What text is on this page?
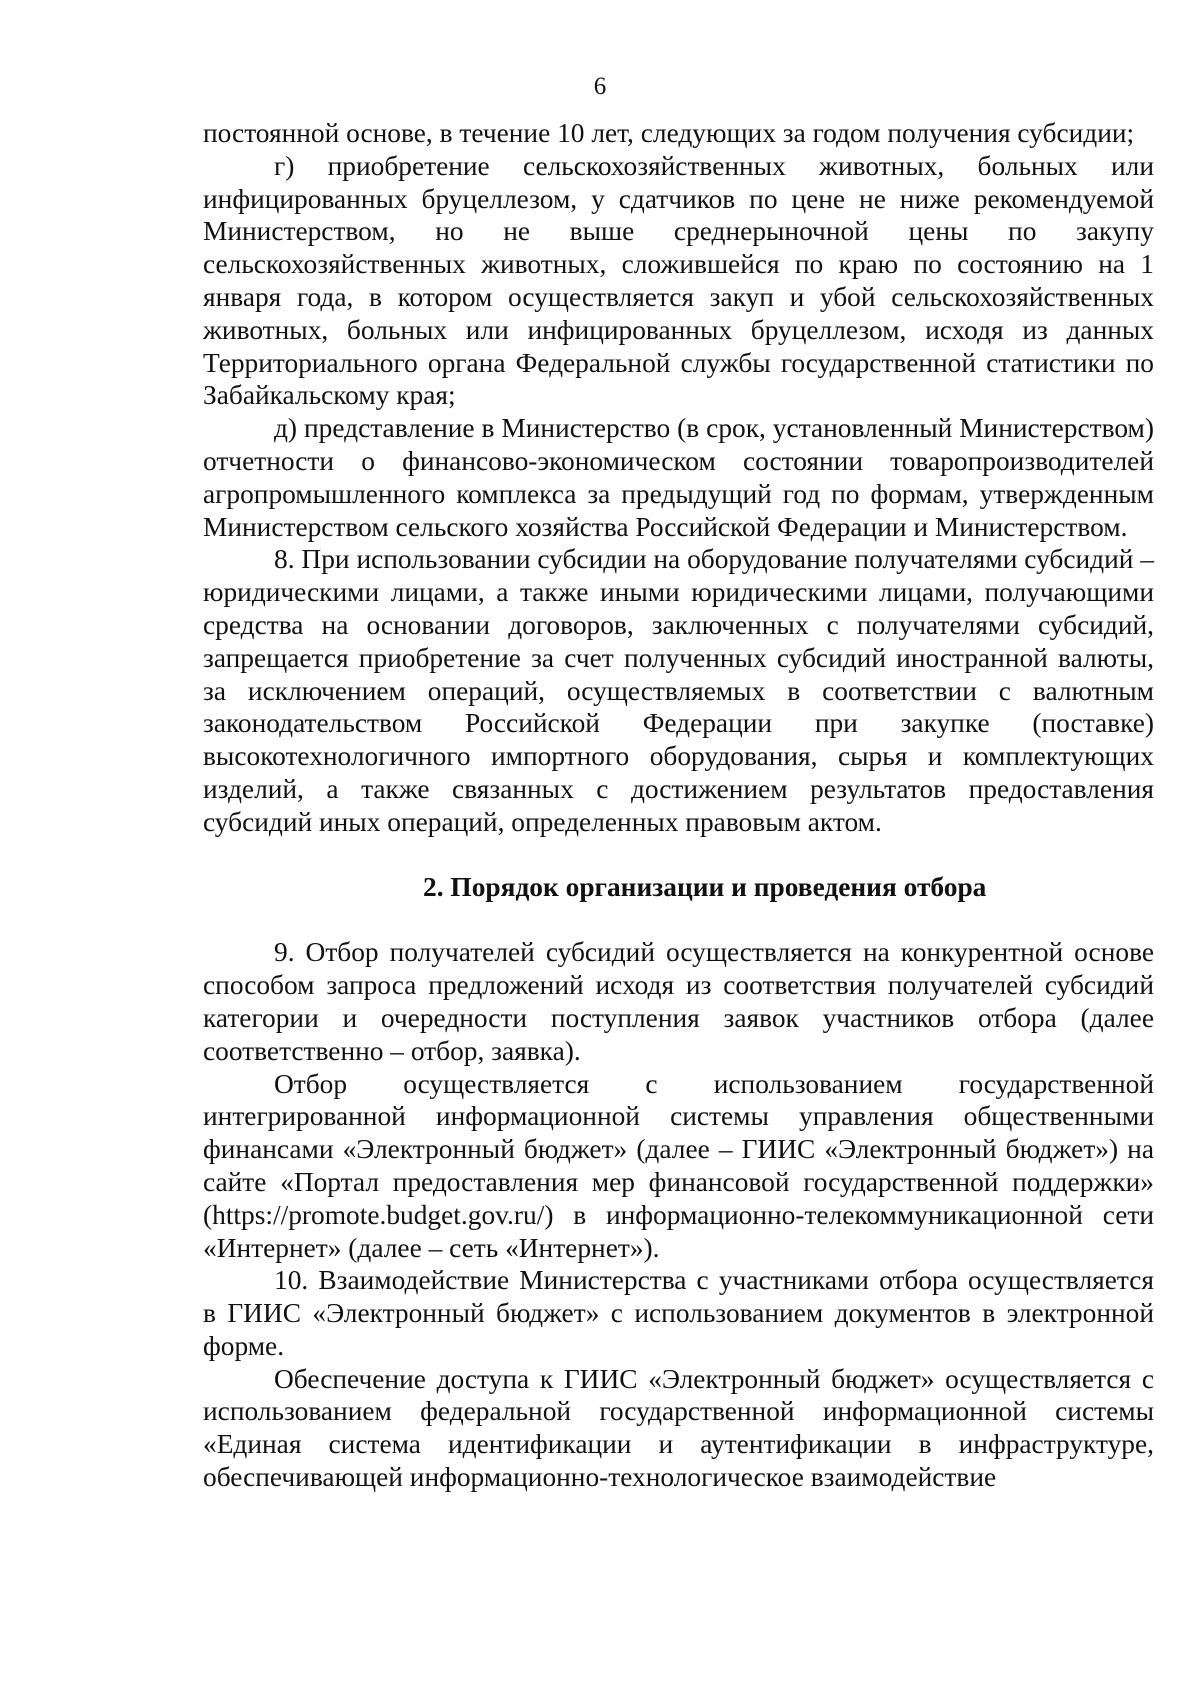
6

постоянной основе, в течение 10 лет, следующих за годом получения субсидии;

г) приобретение сельскохозяйственных животных, больных или инфицированных бруцеллезом, у сдатчиков по цене не ниже рекомендуемой Министерством, но не выше среднерыночной цены по закупу сельскохозяйственных животных, сложившейся по краю по состоянию на 1 января года, в котором осуществляется закуп и убой сельскохозяйственных животных, больных или инфицированных бруцеллезом, исходя из данных Территориального органа Федеральной службы государственной статистики по Забайкальскому края;

д) представление в Министерство (в срок, установленный Министерством) отчетности о финансово-экономическом состоянии товаропроизводителей агропромышленного комплекса за предыдущий год по формам, утвержденным Министерством сельского хозяйства Российской Федерации и Министерством.

8. При использовании субсидии на оборудование получателями субсидий – юридическими лицами, а также иными юридическими лицами, получающими средства на основании договоров, заключенных с получателями субсидий, запрещается приобретение за счет полученных субсидий иностранной валюты, за исключением операций, осуществляемых в соответствии с валютным законодательством Российской Федерации при закупке (поставке) высокотехнологичного импортного оборудования, сырья и комплектующих изделий, а также связанных с достижением результатов предоставления субсидий иных операций, определенных правовым актом.

2. Порядок организации и проведения отбора

9. Отбор получателей субсидий осуществляется на конкурентной основе способом запроса предложений исходя из соответствия получателей субсидий категории и очередности поступления заявок участников отбора (далее соответственно – отбор, заявка).

Отбор осуществляется с использованием государственной интегрированной информационной системы управления общественными финансами «Электронный бюджет» (далее – ГИИС «Электронный бюджет») на сайте «Портал предоставления мер финансовой государственной поддержки» (https://promote.budget.gov.ru/) в информационно-телекоммуникационной сети «Интернет» (далее – сеть «Интернет»).

10. Взаимодействие Министерства с участниками отбора осуществляется в ГИИС «Электронный бюджет» с использованием документов в электронной форме.

Обеспечение доступа к ГИИС «Электронный бюджет» осуществляется с использованием федеральной государственной информационной системы «Единая система идентификации и аутентификации в инфраструктуре, обеспечивающей информационно-технологическое взаимодействие
